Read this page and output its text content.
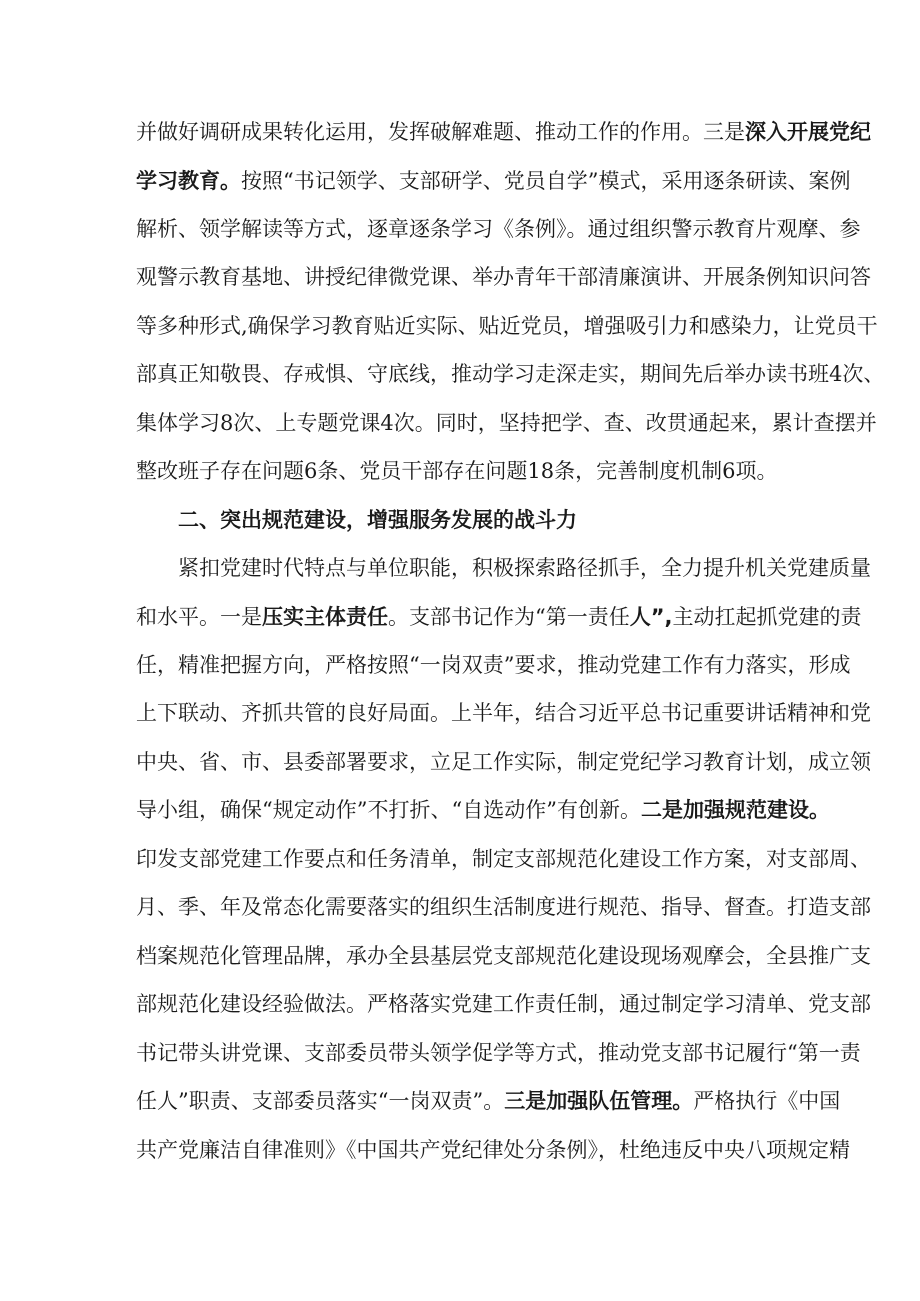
并做好调研成果转化运用，发挥破解难题、推动工作的作用。三是深入开展党纪
学习教育。按照“书记领学、支部研学、党员自学”模式，采用逐条研读、案例
解析、领学解读等方式，逐章逐条学习《条例》。通过组织警示教育片观摩、参
观警示教育基地、讲授纪律微党课、举办青年干部清廉演讲、开展条例知识问答
等多种形式,确保学习教育贴近实际、贴近党员，增强吸引力和感染力，让党员干
部真正知敬畏、存戒惧、守底线，推动学习走深走实，期间先后举办读书班4次、
集体学习8次、上专题党课4次。同时，坚持把学、查、改贯通起来，累计查摆并
整改班子存在问题6条、党员干部存在问题18条，完善制度机制6项。
二、突出规范建设，增强服务发展的战斗力
紧扣党建时代特点与单位职能，积极探索路径抓手，全力提升机关党建质量
和水平。一是压实主体责任。支部书记作为“第一责任人”,主动扛起抓党建的责
任，精准把握方向，严格按照“一岗双责”要求，推动党建工作有力落实，形成
上下联动、齐抓共管的良好局面。上半年，结合习近平总书记重要讲话精神和党
中央、省、市、县委部署要求，立足工作实际，制定党纪学习教育计划，成立领
导小组，确保“规定动作”不打折、“自选动作”有创新。二是加强规范建设。
印发支部党建工作要点和任务清单，制定支部规范化建设工作方案，对支部周、
月、季、年及常态化需要落实的组织生活制度进行规范、指导、督查。打造支部
档案规范化管理品牌，承办全县基层党支部规范化建设现场观摩会，全县推广支
部规范化建设经验做法。严格落实党建工作责任制，通过制定学习清单、党支部
书记带头讲党课、支部委员带头领学促学等方式，推动党支部书记履行“第一责
任人”职责、支部委员落实“一岗双责”。三是加强队伍管理。严格执行《中国
共产党廉洁自律准则》《中国共产党纪律处分条例》，杜绝违反中央八项规定精
